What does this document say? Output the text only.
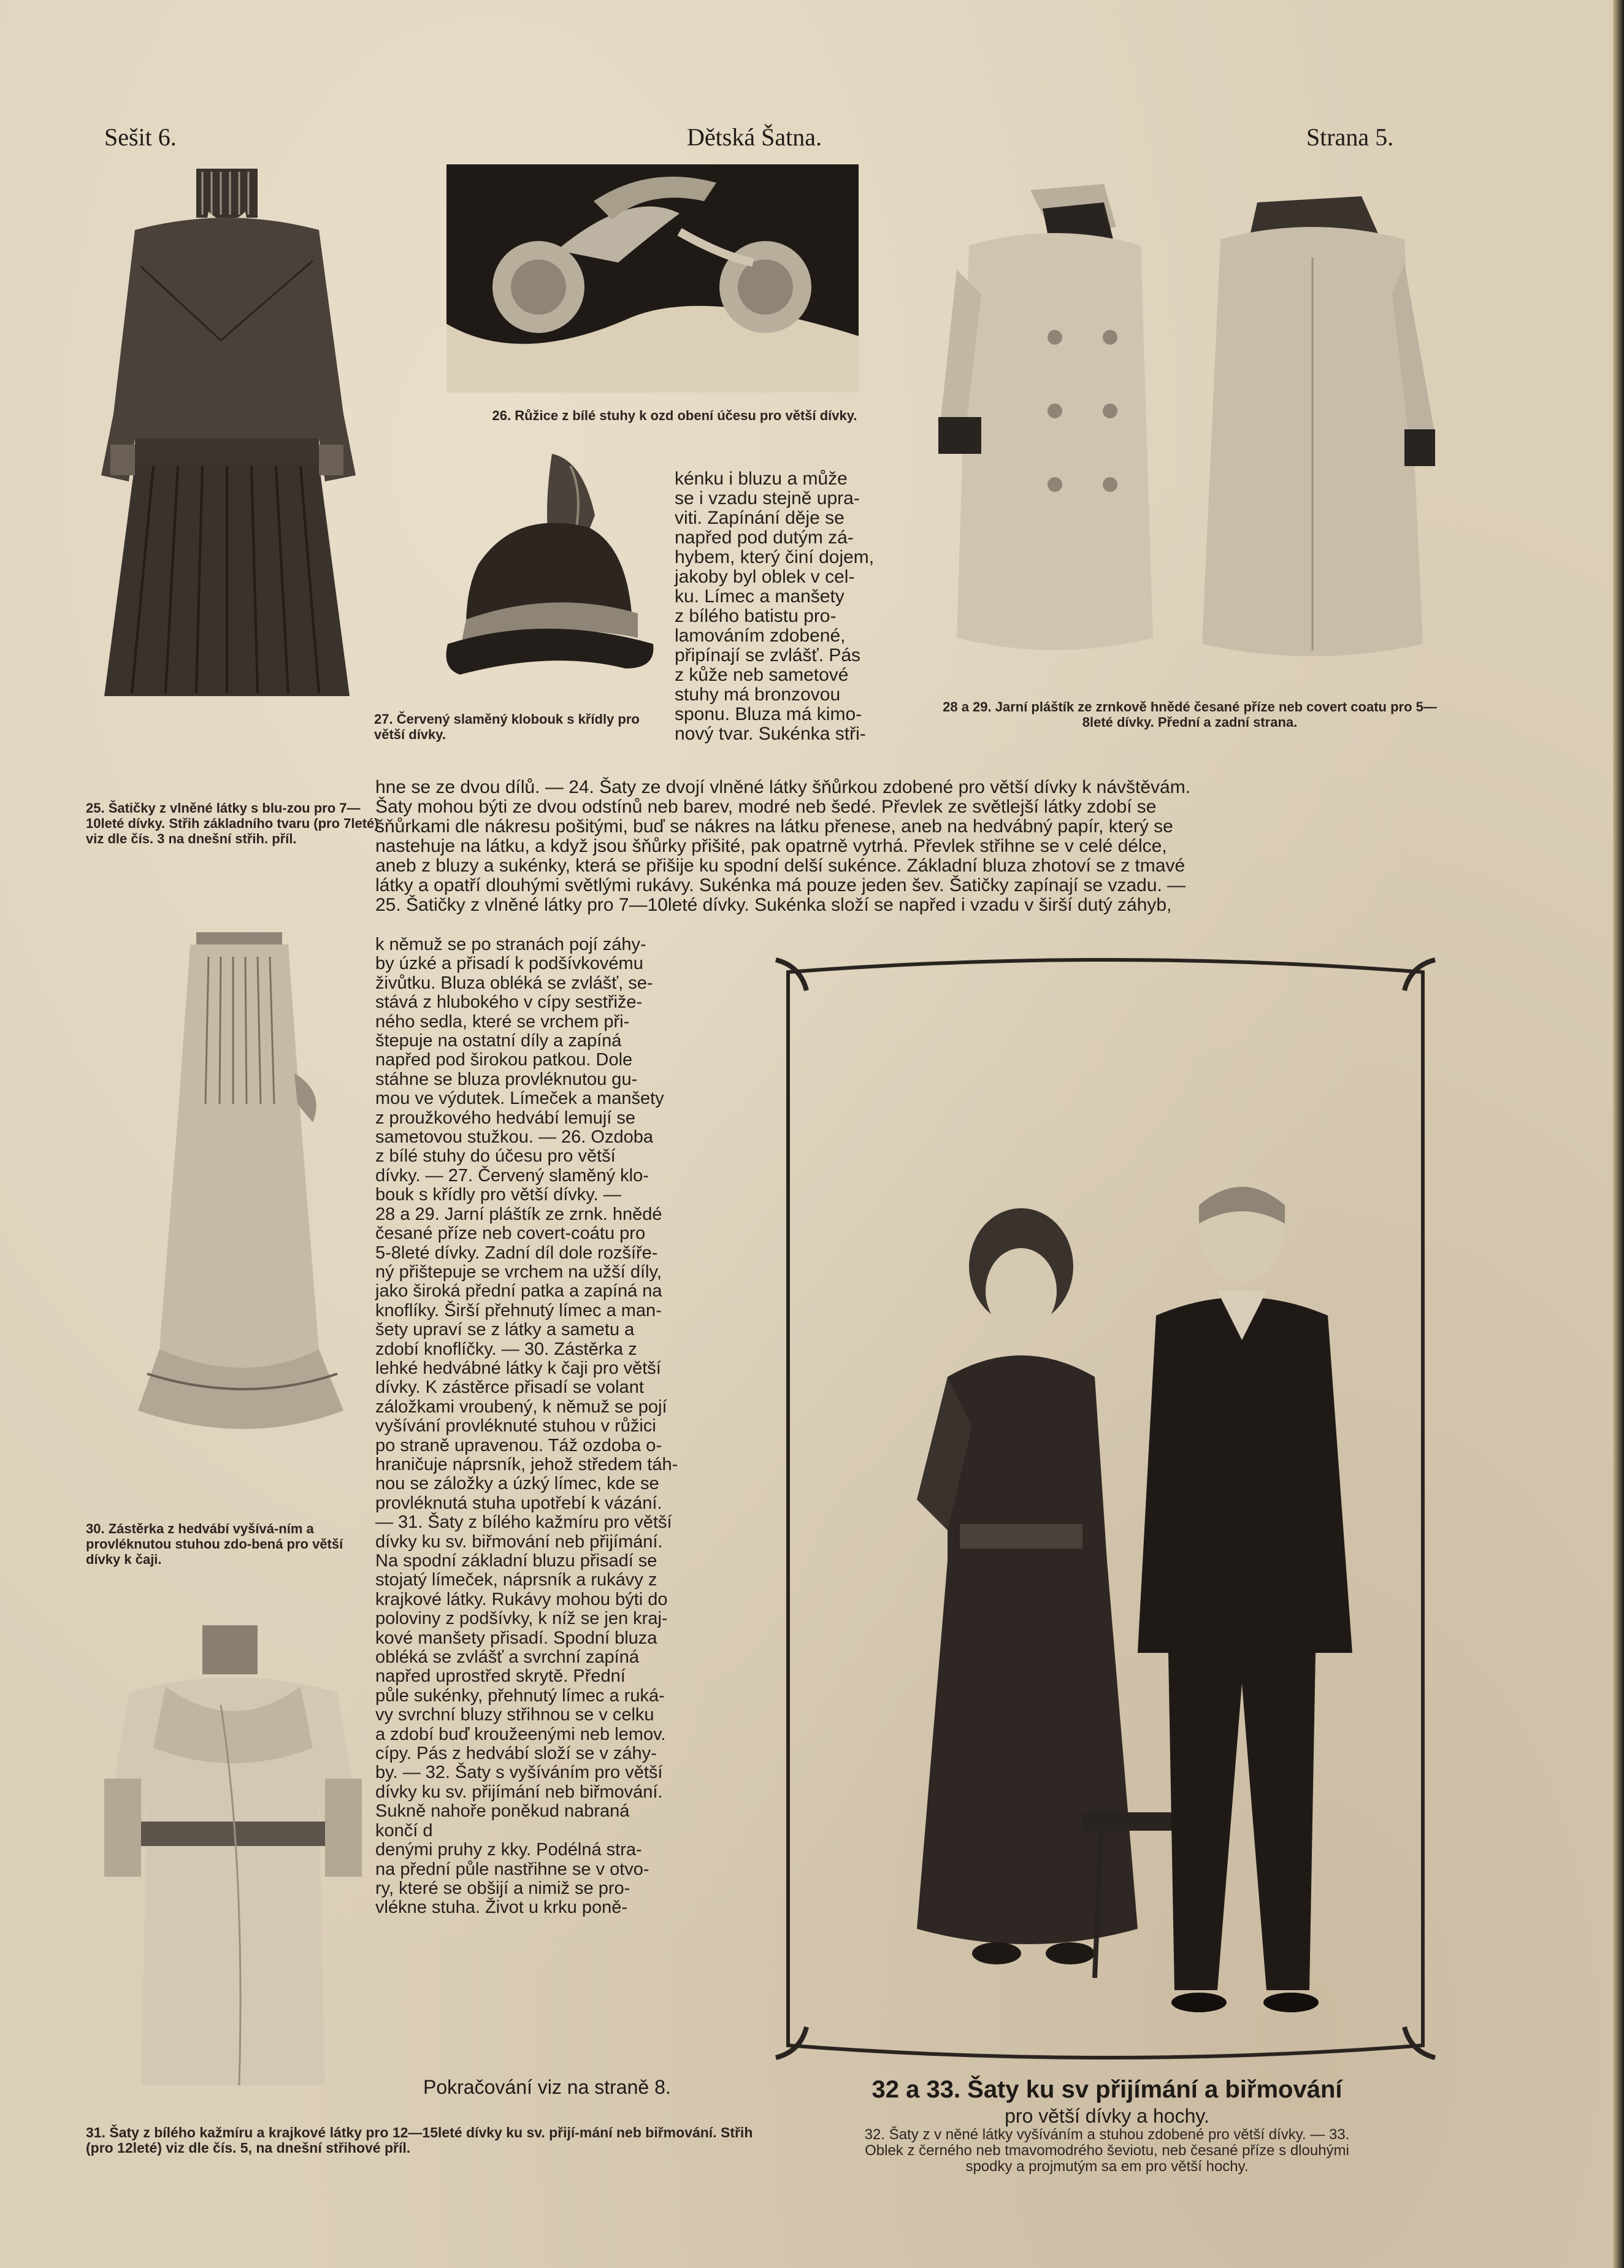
Sešit 6.	Dětská Šatna.	Strana 5.
26. Růžice z bílé stuhy k ozd obení účesu pro větší dívky.
27. Červený slaměný klobouk s křídly pro větší dívky.
kénku i bluzu a může
se i vzadu stejně upra-
viti. Zapínání děje se
napřed pod dutým zá-
hybem, který činí dojem,
jakoby byl oblek v cel-
ku. Límec a manšety
z bílého batistu pro-
lamováním zdobené,
připínají se zvlášť. Pás
z kůže neb sametové
stuhy má bronzovou
sponu. Bluza má kimo-
nový tvar. Sukénka stři-
28 a 29. Jarní pláštík ze zrnkově hnědé česané příze neb covert coatu pro 5—8leté dívky. Přední a zadní strana.
25. Šatičky z vlněné látky s blu-zou pro 7—10leté dívky. Střih základního tvaru (pro 7leté) viz dle čís. 3 na dnešní střih. příl.
hne se ze dvou dílů. — 24. Šaty ze dvojí vlněné látky šňůrkou zdobené pro větší dívky k návštěvám.
Šaty mohou býti ze dvou odstínů neb barev, modré neb šedé. Převlek ze světlejší látky zdobí se
šňůrkami dle nákresu pošitými, buď se nákres na látku přenese, aneb na hedvábný papír, který se
nastehuje na látku, a když jsou šňůrky přišité, pak opatrně vytrhá. Převlek střihne se v celé délce,
aneb z bluzy a sukénky, která se přišije ku spodní delší sukénce. Základní bluza zhotoví se z tmavé
látky a opatří dlouhými světlými rukávy. Sukénka má pouze jeden šev. Šatičky zapínají se vzadu. —
25. Šatičky z vlněné látky pro 7—10leté dívky. Sukénka složí se napřed i vzadu v širší dutý záhyb,
30. Zástěrka z hedvábí vyšívá-ním a provléknutou stuhou zdo-bená pro větší dívky k čaji.
k němuž se po stranách pojí záhy-
by úzké a přisadí k podšívkovému
živůtku. Bluza obléká se zvlášť, se-
stává z hlubokého v cípy sestřiže-
ného sedla, které se vrchem při-
štepuje na ostatní díly a zapíná
napřed pod širokou patkou. Dole
stáhne se bluza provléknutou gu-
mou ve výdutek. Límeček a manšety
z proužkového hedvábí lemují se
sametovou stužkou. — 26. Ozdoba
z bílé stuhy do účesu pro větší
dívky. — 27. Červený slaměný klo-
bouk s křídly pro větší dívky. —
28 a 29. Jarní pláštík ze zrnk. hnědé
česané příze neb covert-coátu pro
5-8leté dívky. Zadní díl dole rozšíře-
ný přištepuje se vrchem na užší díly,
jako široká přední patka a zapíná na
knoflíky. Širší přehnutý límec a man-
šety upraví se z látky a sametu a
zdobí knoflíčky. — 30. Zástěrka z
lehké hedvábné látky k čaji pro větší
dívky. K zástěrce přisadí se volant
záložkami vroubený, k němuž se pojí
vyšívání provléknuté stuhou v růžici
po straně upravenou. Táž ozdoba o-
hraničuje náprsník, jehož středem táh-
nou se záložky a úzký límec, kde se
provléknutá stuha upotřebí k vázání.
— 31. Šaty z bílého kažmíru pro větší
dívky ku sv. biřmování neb přijímání.
Na spodní základní bluzu přisadí se
stojatý límeček, náprsník a rukávy z
krajkové látky. Rukávy mohou býti do
poloviny z podšívky, k níž se jen kraj-
kové manšety přisadí. Spodní bluza
obléká se zvlášť a svrchní zapíná
napřed uprostřed skrytě. Přední
půle sukénky, přehnutý límec a ruká-
vy svrchní bluzy střihnou se v celku
a zdobí buď kroužeenými neb lemov.
cípy. Pás z hedvábí složí se v záhy-
by. — 32. Šaty s vyšíváním pro větší
dívky ku sv. přijímání neb biřmování.
Sukně nahoře poněkud nabraná
končí d
denými pruhy z kky. Podélná stra-
na přední půle nastřihne se v otvo-
ry, které se obšijí a nimiž se pro-
vlékne stuha. Život u krku poně-
Pokračování viz na straně 8.	32 a 33. Šaty ku sv přijímání a biřmování
pro větší dívky a hochy.
32. Šaty z v něné látky vyšíváním a stuhou zdobené pro větší dívky. — 33.
Oblek z černého neb tmavomodrého ševiotu, neb česané příze s dlouhými
spodky a projmutým sa em pro větší hochy.
31. Šaty z bílého kažmíru a krajkové látky pro 12—15leté dívky ku sv. přijí-mání neb biřmování. Střih (pro 12leté) viz dle čís. 5, na dnešní střihové příl.
